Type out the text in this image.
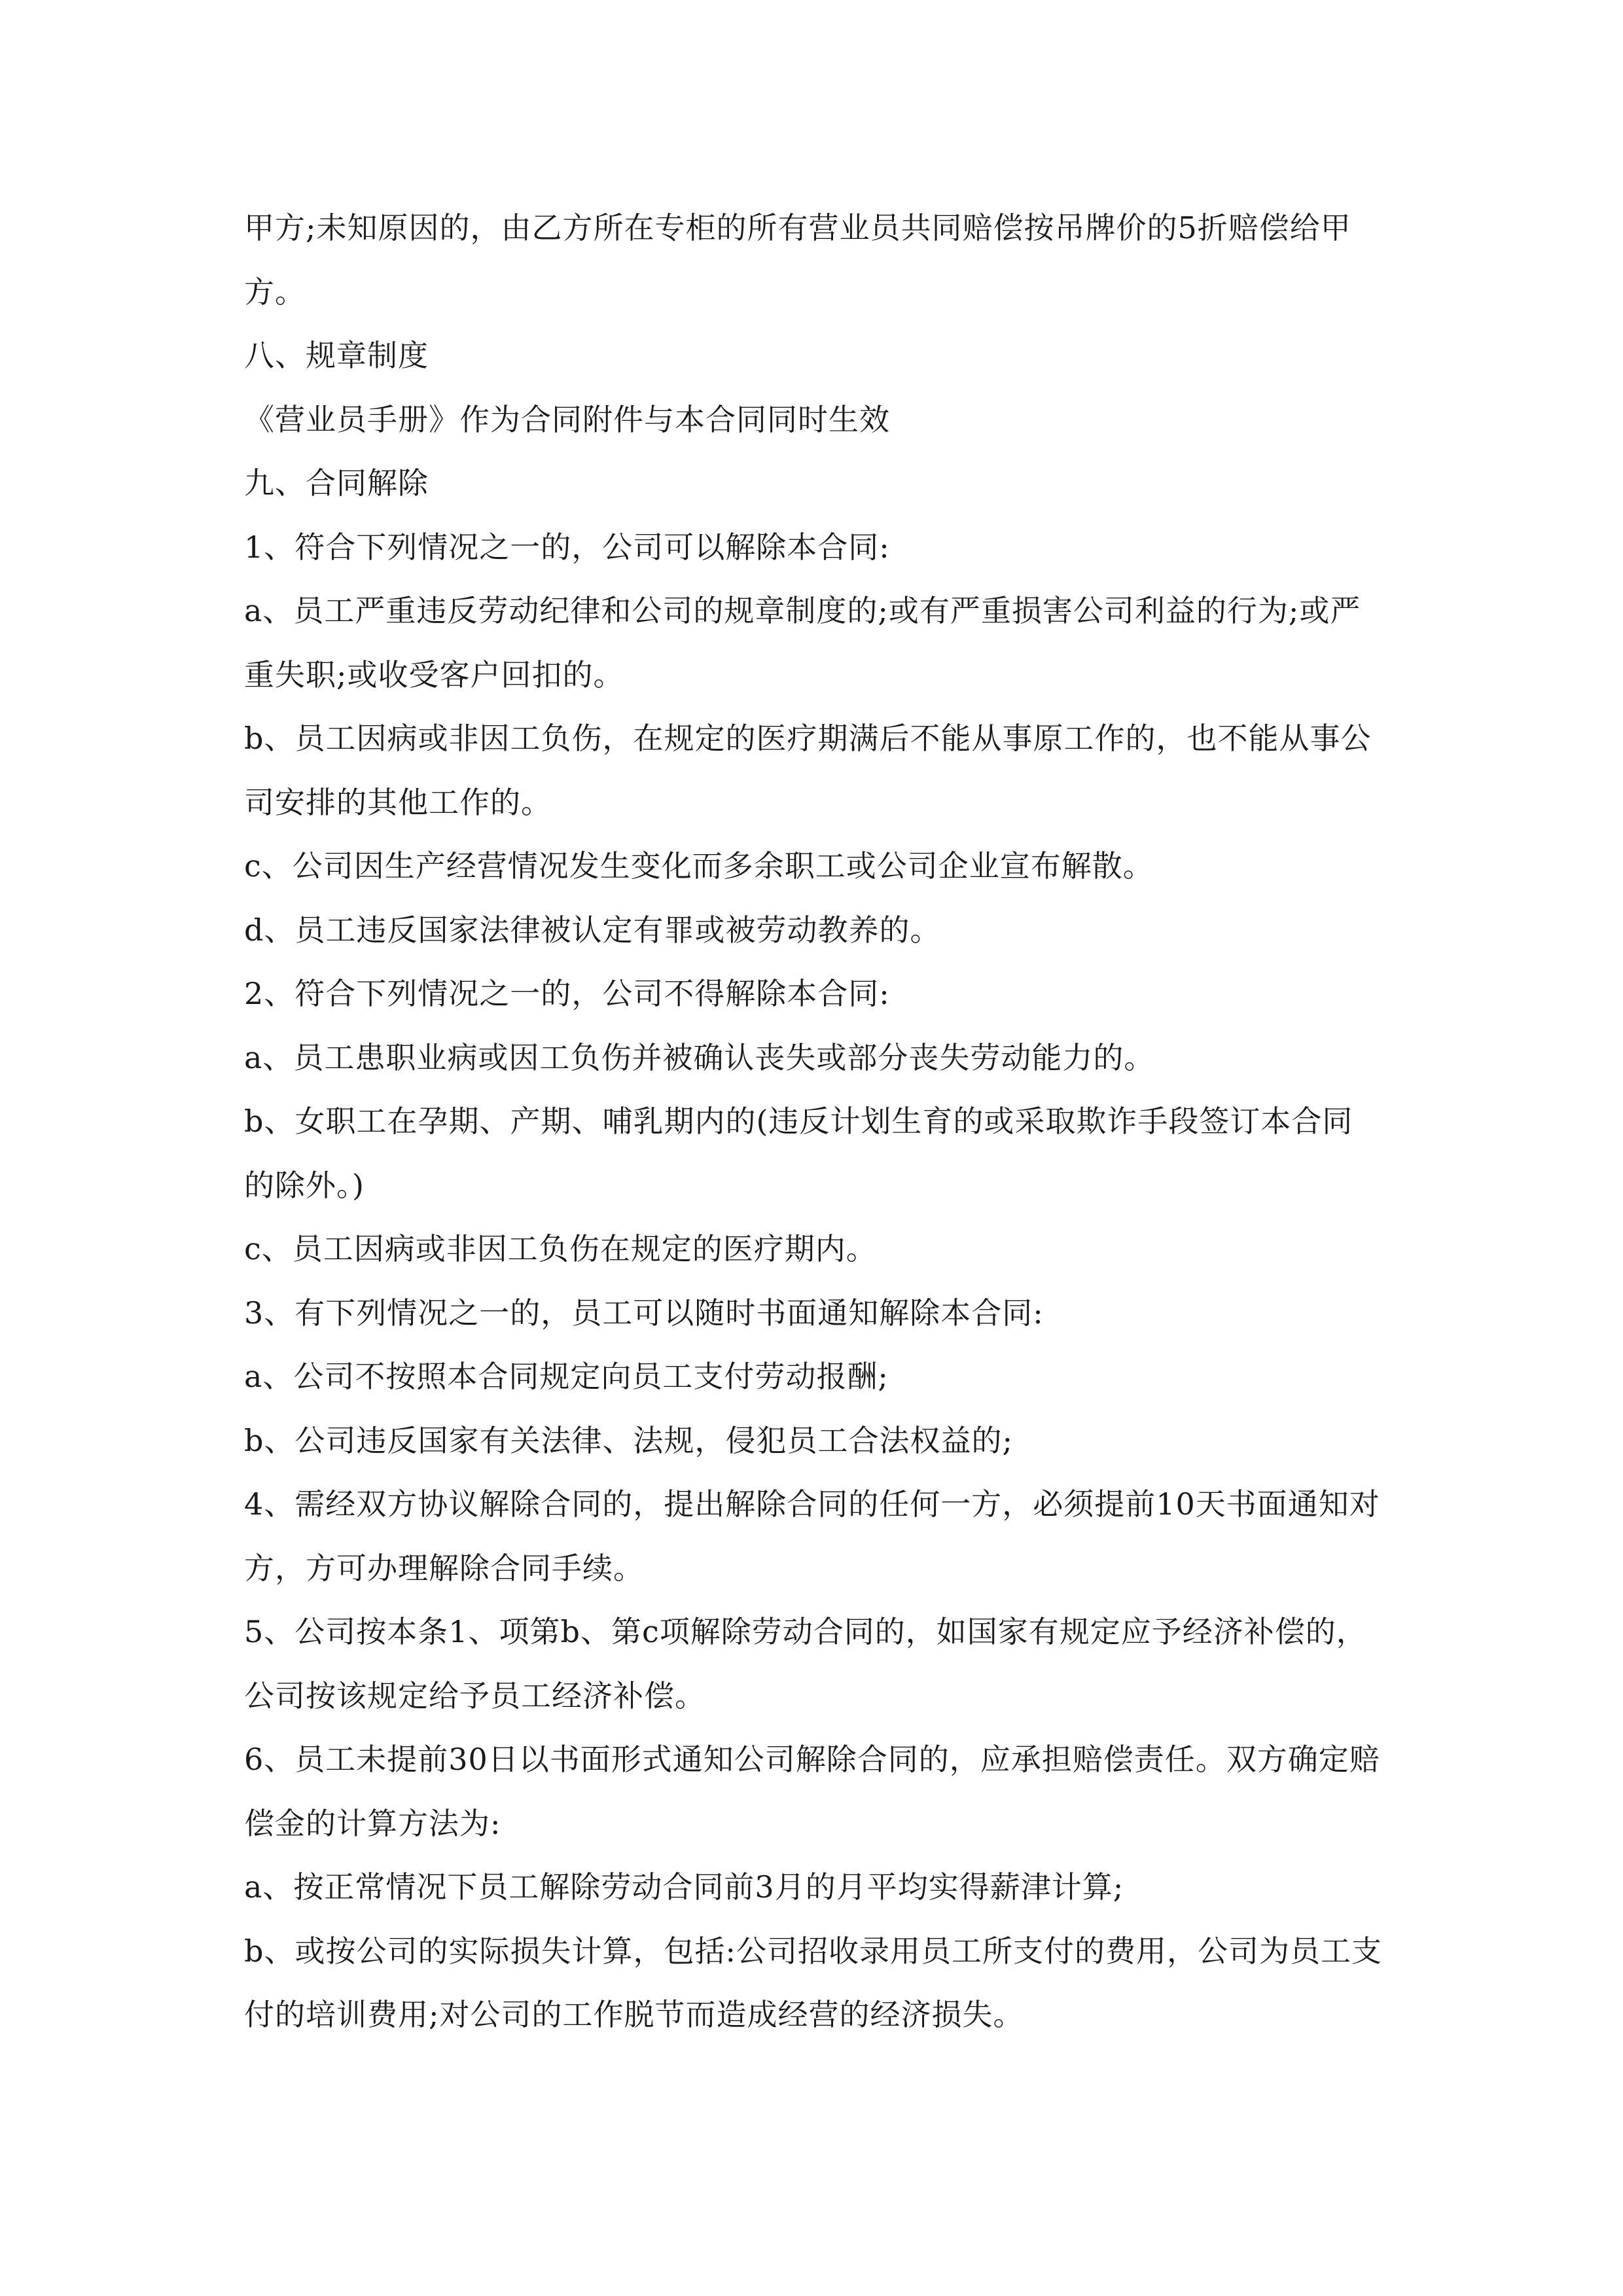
甲方;未知原因的，由乙方所在专柜的所有营业员共同赔偿按吊牌价的5折赔偿给甲方。

八、规章制度

《营业员手册》作为合同附件与本合同同时生效

九、合同解除

1、符合下列情况之一的，公司可以解除本合同:

a、员工严重违反劳动纪律和公司的规章制度的;或有严重损害公司利益的行为;或严重失职;或收受客户回扣的。

b、员工因病或非因工负伤，在规定的医疗期满后不能从事原工作的，也不能从事公司安排的其他工作的。

c、公司因生产经营情况发生变化而多余职工或公司企业宣布解散。

d、员工违反国家法律被认定有罪或被劳动教养的。

2、符合下列情况之一的，公司不得解除本合同:

a、员工患职业病或因工负伤并被确认丧失或部分丧失劳动能力的。

b、女职工在孕期、产期、哺乳期内的(违反计划生育的或采取欺诈手段签订本合同的除外。)

c、员工因病或非因工负伤在规定的医疗期内。

3、有下列情况之一的，员工可以随时书面通知解除本合同:

a、公司不按照本合同规定向员工支付劳动报酬;

b、公司违反国家有关法律、法规，侵犯员工合法权益的;

4、需经双方协议解除合同的，提出解除合同的任何一方，必须提前10天书面通知对方，方可办理解除合同手续。

5、公司按本条1、项第b、第c项解除劳动合同的，如国家有规定应予经济补偿的，公司按该规定给予员工经济补偿。

6、员工未提前30日以书面形式通知公司解除合同的，应承担赔偿责任。双方确定赔偿金的计算方法为:

a、按正常情况下员工解除劳动合同前3月的月平均实得薪津计算;

b、或按公司的实际损失计算，包括:公司招收录用员工所支付的费用，公司为员工支付的培训费用;对公司的工作脱节而造成经营的经济损失。
